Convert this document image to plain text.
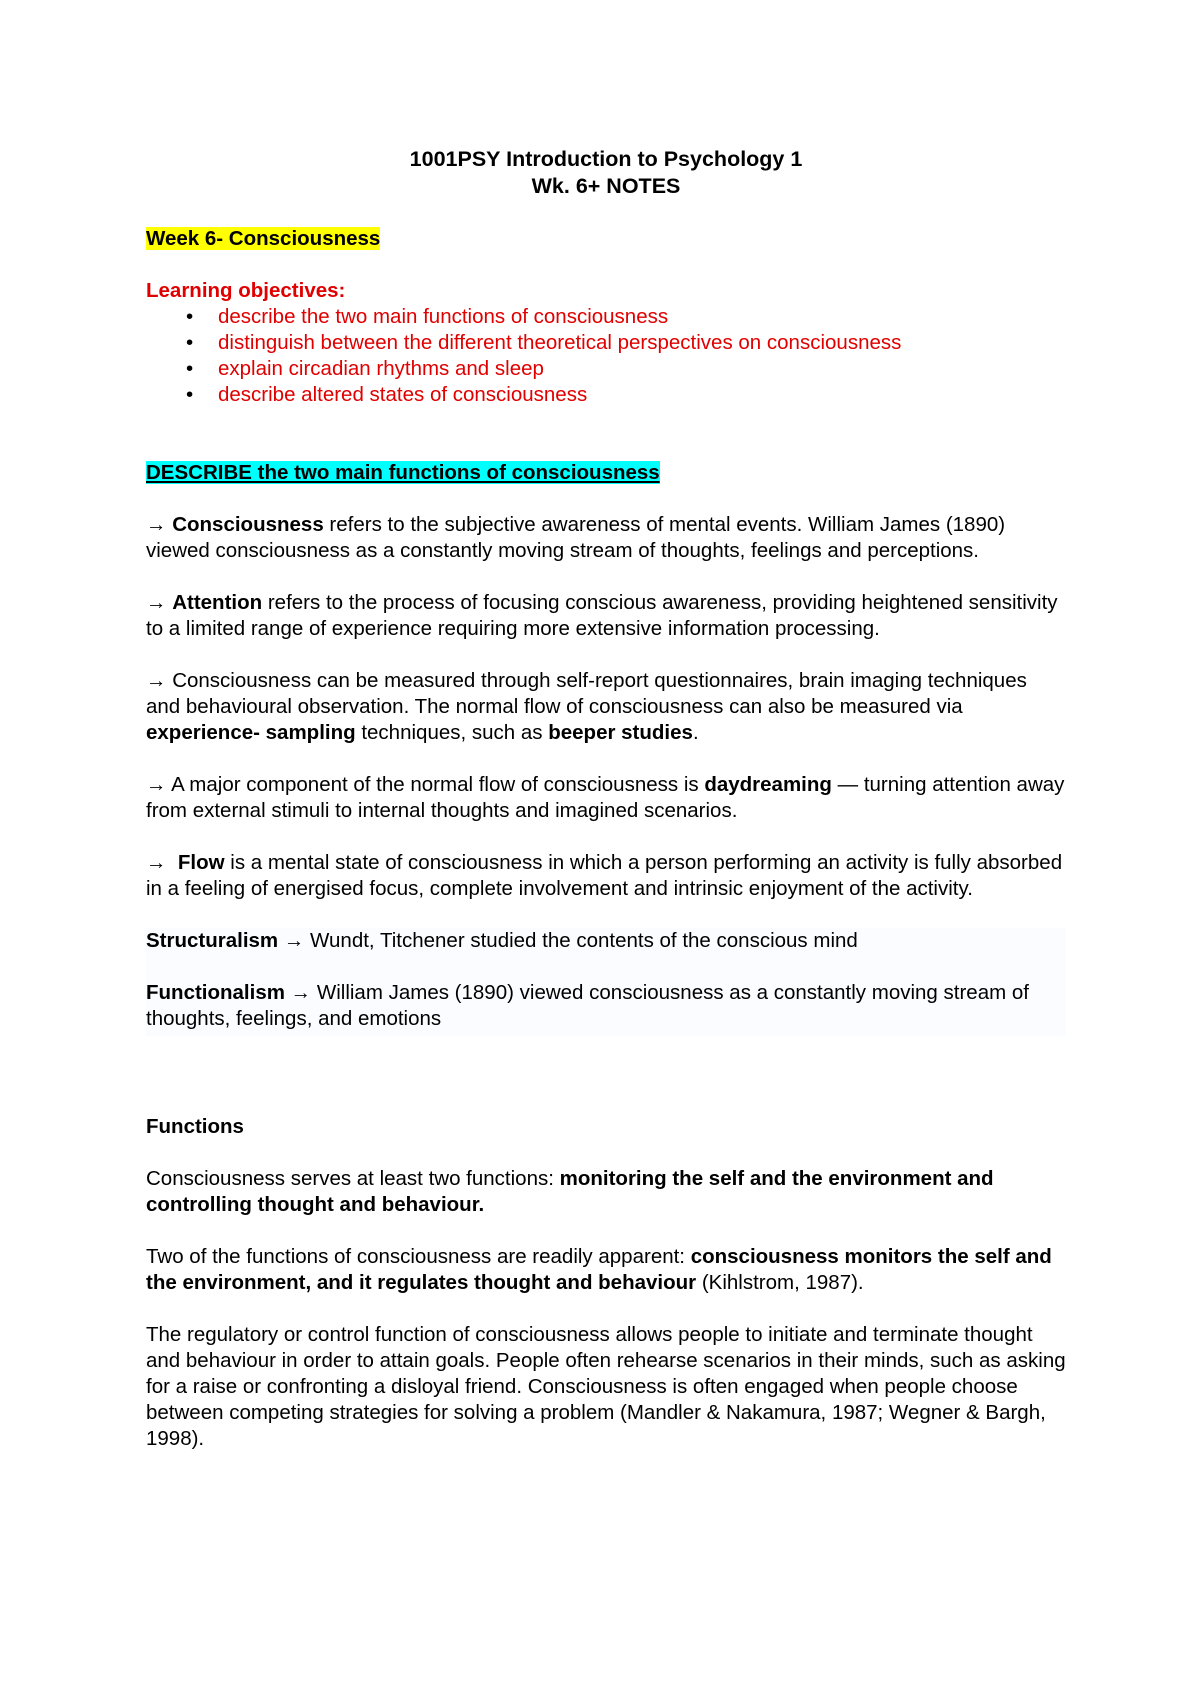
1001PSY Introduction to Psychology 1

Wk. 6+ NOTES

Week 6- Consciousness

Learning objectives:

• describe the two main functions of consciousness
• distinguish between the different theoretical perspectives on consciousness
• explain circadian rhythms and sleep
• describe altered states of consciousness

DESCRIBE the two main functions of consciousness

→ Consciousness refers to the subjective awareness of mental events. William James (1890) viewed consciousness as a constantly moving stream of thoughts, feelings and perceptions.

→ Attention refers to the process of focusing conscious awareness, providing heightened sensitivity to a limited range of experience requiring more extensive information processing.

→ Consciousness can be measured through self-report questionnaires, brain imaging techniques and behavioural observation. The normal flow of consciousness can also be measured via experience- sampling techniques, such as beeper studies.

→ A major component of the normal flow of consciousness is daydreaming — turning attention away from external stimuli to internal thoughts and imagined scenarios.

→ Flow is a mental state of consciousness in which a person performing an activity is fully absorbed in a feeling of energised focus, complete involvement and intrinsic enjoyment of the activity.

Structuralism → Wundt, Titchener studied the contents of the conscious mind

Functionalism → William James (1890) viewed consciousness as a constantly moving stream of thoughts, feelings, and emotions

Functions

Consciousness serves at least two functions: monitoring the self and the environment and controlling thought and behaviour.

Two of the functions of consciousness are readily apparent: consciousness monitors the self and the environment, and it regulates thought and behaviour (Kihlstrom, 1987).

The regulatory or control function of consciousness allows people to initiate and terminate thought and behaviour in order to attain goals. People often rehearse scenarios in their minds, such as asking for a raise or confronting a disloyal friend. Consciousness is often engaged when people choose between competing strategies for solving a problem (Mandler & Nakamura, 1987; Wegner & Bargh, 1998).
